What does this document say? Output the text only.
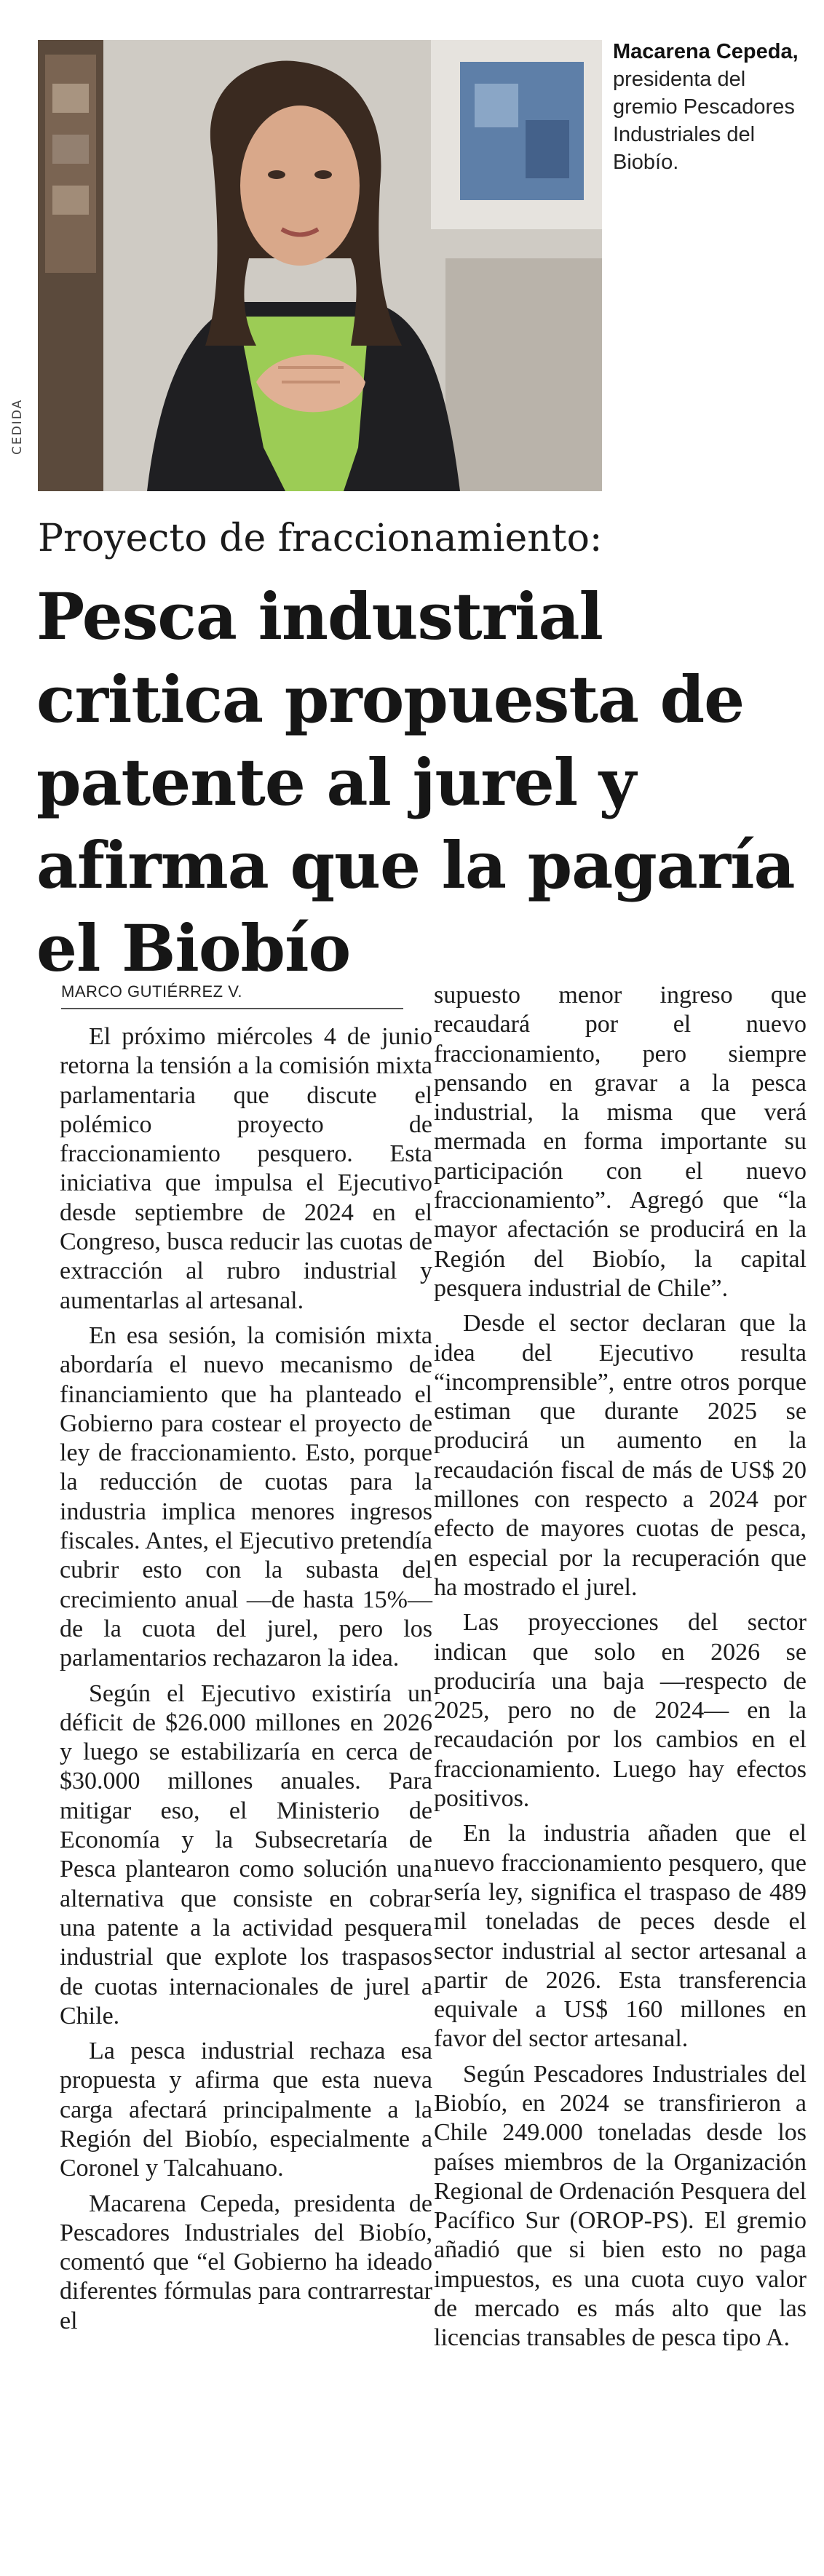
CEDIDA
Macarena Cepeda, presidenta del gremio Pescadores Industriales del Biobío.
Proyecto de fraccionamiento:
Pesca industrial critica propuesta de patente al jurel y afirma que la pagaría el Biobío
MARCO GUTIÉRREZ V.

El próximo miércoles 4 de junio retorna la tensión a la comisión mixta parlamentaria que discute el polémico proyecto de fraccionamiento pesquero. Esta iniciativa que impulsa el Ejecutivo desde septiembre de 2024 en el Congreso, busca reducir las cuotas de extracción al rubro industrial y aumentarlas al artesanal.

En esa sesión, la comisión mixta abordaría el nuevo mecanismo de financiamiento que ha planteado el Gobierno para costear el proyecto de ley de fraccionamiento. Esto, porque la reducción de cuotas para la industria implica menores ingresos fiscales. Antes, el Ejecutivo pretendía cubrir esto con la subasta del crecimiento anual —de hasta 15%— de la cuota del jurel, pero los parlamentarios rechazaron la idea.

Según el Ejecutivo existiría un déficit de $26.000 millones en 2026 y luego se estabilizaría en cerca de $30.000 millones anuales. Para mitigar eso, el Ministerio de Economía y la Subsecretaría de Pesca plantearon como solución una alternativa que consiste en cobrar una patente a la actividad pesquera industrial que explote los traspasos de cuotas internacionales de jurel a Chile.

La pesca industrial rechaza esa propuesta y afirma que esta nueva carga afectará principalmente a la Región del Biobío, especialmente a Coronel y Talcahuano.

Macarena Cepeda, presidenta de Pescadores Industriales del Biobío, comentó que “el Gobierno ha ideado diferentes fórmulas para contrarrestar el

supuesto menor ingreso que recaudará por el nuevo fraccionamiento, pero siempre pensando en gravar a la pesca industrial, la misma que verá mermada en forma importante su participación con el nuevo fraccionamiento”. Agregó que “la mayor afectación se producirá en la Región del Biobío, la capital pesquera industrial de Chile”.

Desde el sector declaran que la idea del Ejecutivo resulta “incomprensible”, entre otros porque estiman que durante 2025 se producirá un aumento en la recaudación fiscal de más de US$ 20 millones con respecto a 2024 por efecto de mayores cuotas de pesca, en especial por la recuperación que ha mostrado el jurel.

Las proyecciones del sector indican que solo en 2026 se produciría una baja —respecto de 2025, pero no de 2024— en la recaudación por los cambios en el fraccionamiento. Luego hay efectos positivos.

En la industria añaden que el nuevo fraccionamiento pesquero, que sería ley, significa el traspaso de 489 mil toneladas de peces desde el sector industrial al sector artesanal a partir de 2026. Esta transferencia equivale a US$ 160 millones en favor del sector artesanal.

Según Pescadores Industriales del Biobío, en 2024 se transfirieron a Chile 249.000 toneladas desde los países miembros de la Organización Regional de Ordenación Pesquera del Pacífico Sur (OROP-PS). El gremio añadió que si bien esto no paga impuestos, es una cuota cuyo valor de mercado es más alto que las licencias transables de pesca tipo A.
